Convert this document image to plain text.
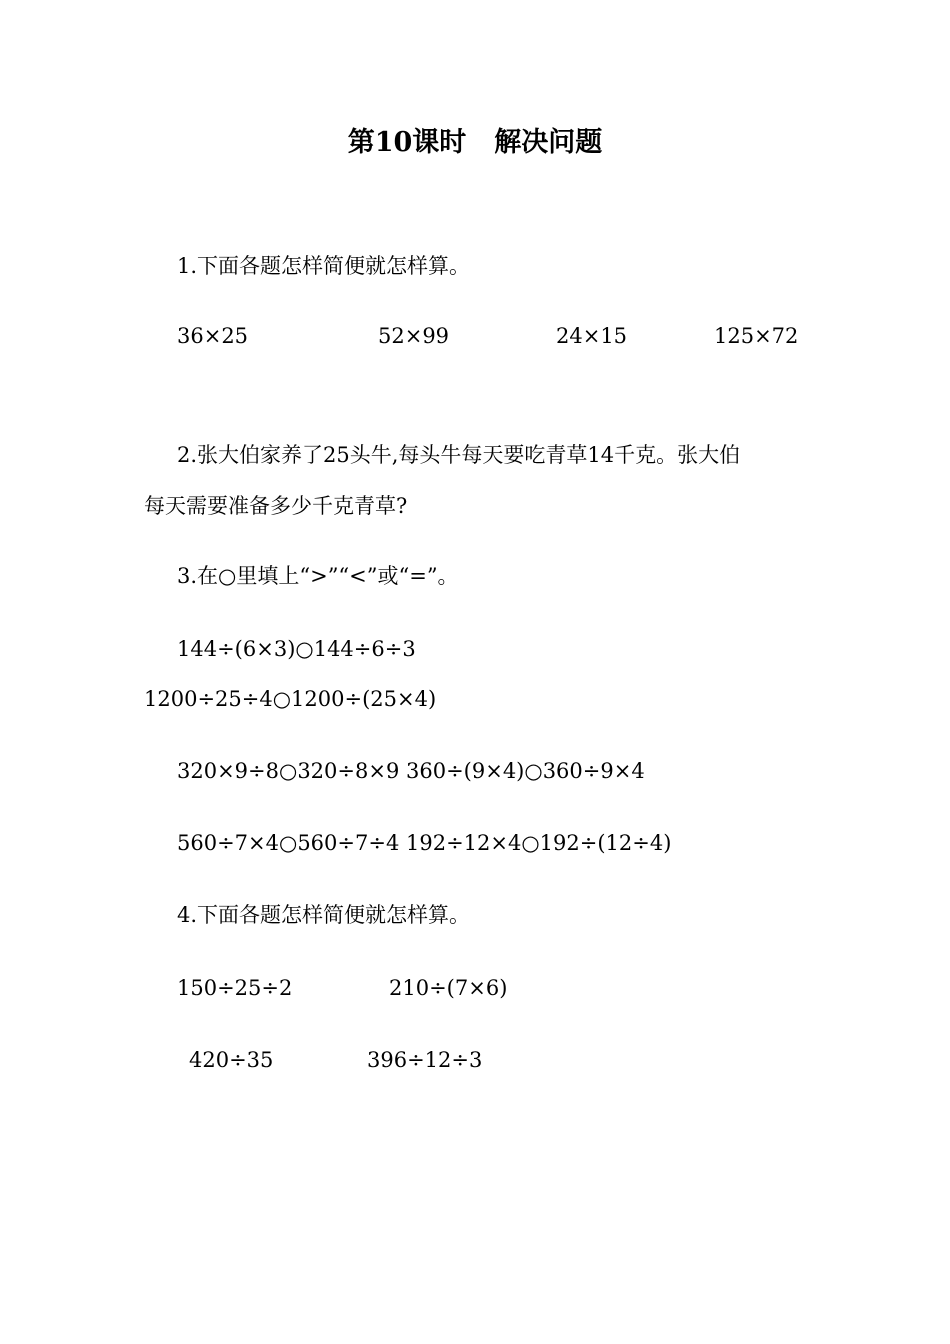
第10课时 解决问题
1.下面各题怎样简便就怎样算。
36×25	52×99	24×15	125×72
2.张大伯家养了25头牛,每头牛每天要吃青草14千克。张大伯
每天需要准备多少千克青草?
3.在○里填上“>”“<”或“=”。
144÷(6×3)○144÷6÷3
1200÷25÷4○1200÷(25×4)
320×9÷8○320÷8×9 360÷(9×4)○360÷9×4
560÷7×4○560÷7÷4 192÷12×4○192÷(12÷4)
4.下面各题怎样简便就怎样算。
150÷25÷2	210÷(7×6)
420÷35	396÷12÷3
